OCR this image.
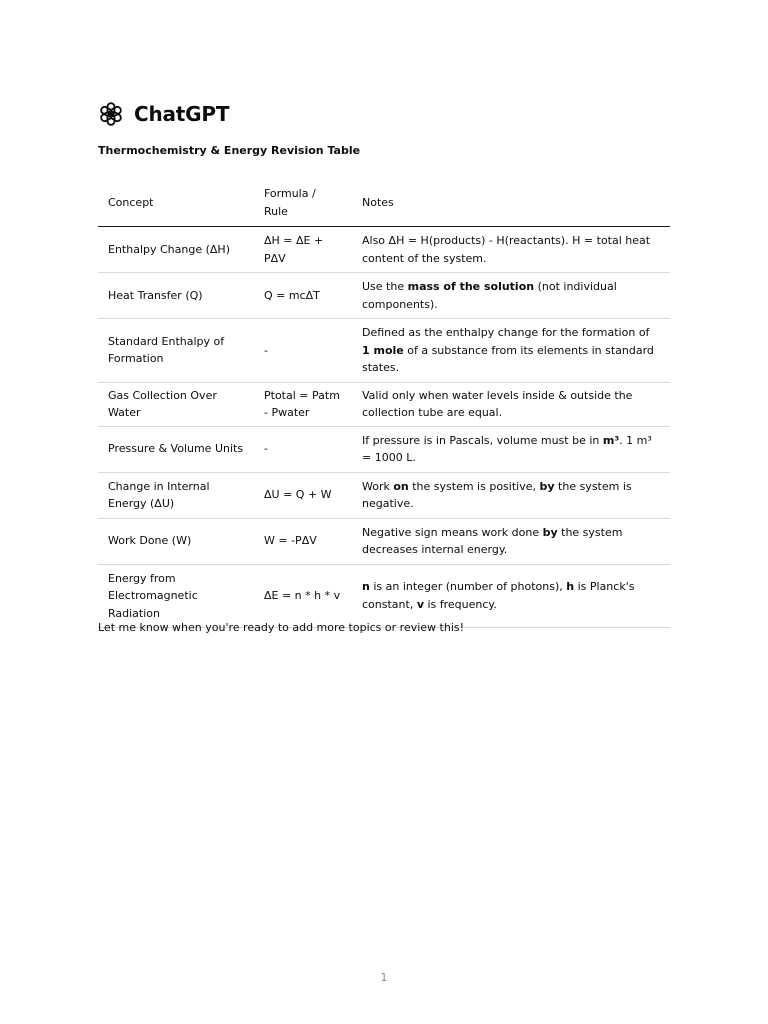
ChatGPT
Thermochemistry & Energy Revision Table
Concept	Formula / Rule	Notes
Enthalpy Change (ΔH)	ΔH = ΔE + PΔV	Also ΔH = H(products) - H(reactants). H = total heat content of the system.
Heat Transfer (Q)	Q = mcΔT	Use the mass of the solution (not individual components).
Standard Enthalpy of Formation	-	Defined as the enthalpy change for the formation of 1 mole of a substance from its elements in standard states.
Gas Collection Over Water	Ptotal = Patm - Pwater	Valid only when water levels inside & outside the collection tube are equal.
Pressure & Volume Units	-	If pressure is in Pascals, volume must be in m³. 1 m³ = 1000 L.
Change in Internal Energy (ΔU)	ΔU = Q + W	Work on the system is positive, by the system is negative.
Work Done (W)	W = -PΔV	Negative sign means work done by the system decreases internal energy.
Energy from Electromagnetic Radiation	ΔE = n * h * v	n is an integer (number of photons), h is Planck's constant, v is frequency.
Let me know when you're ready to add more topics or review this!
1
